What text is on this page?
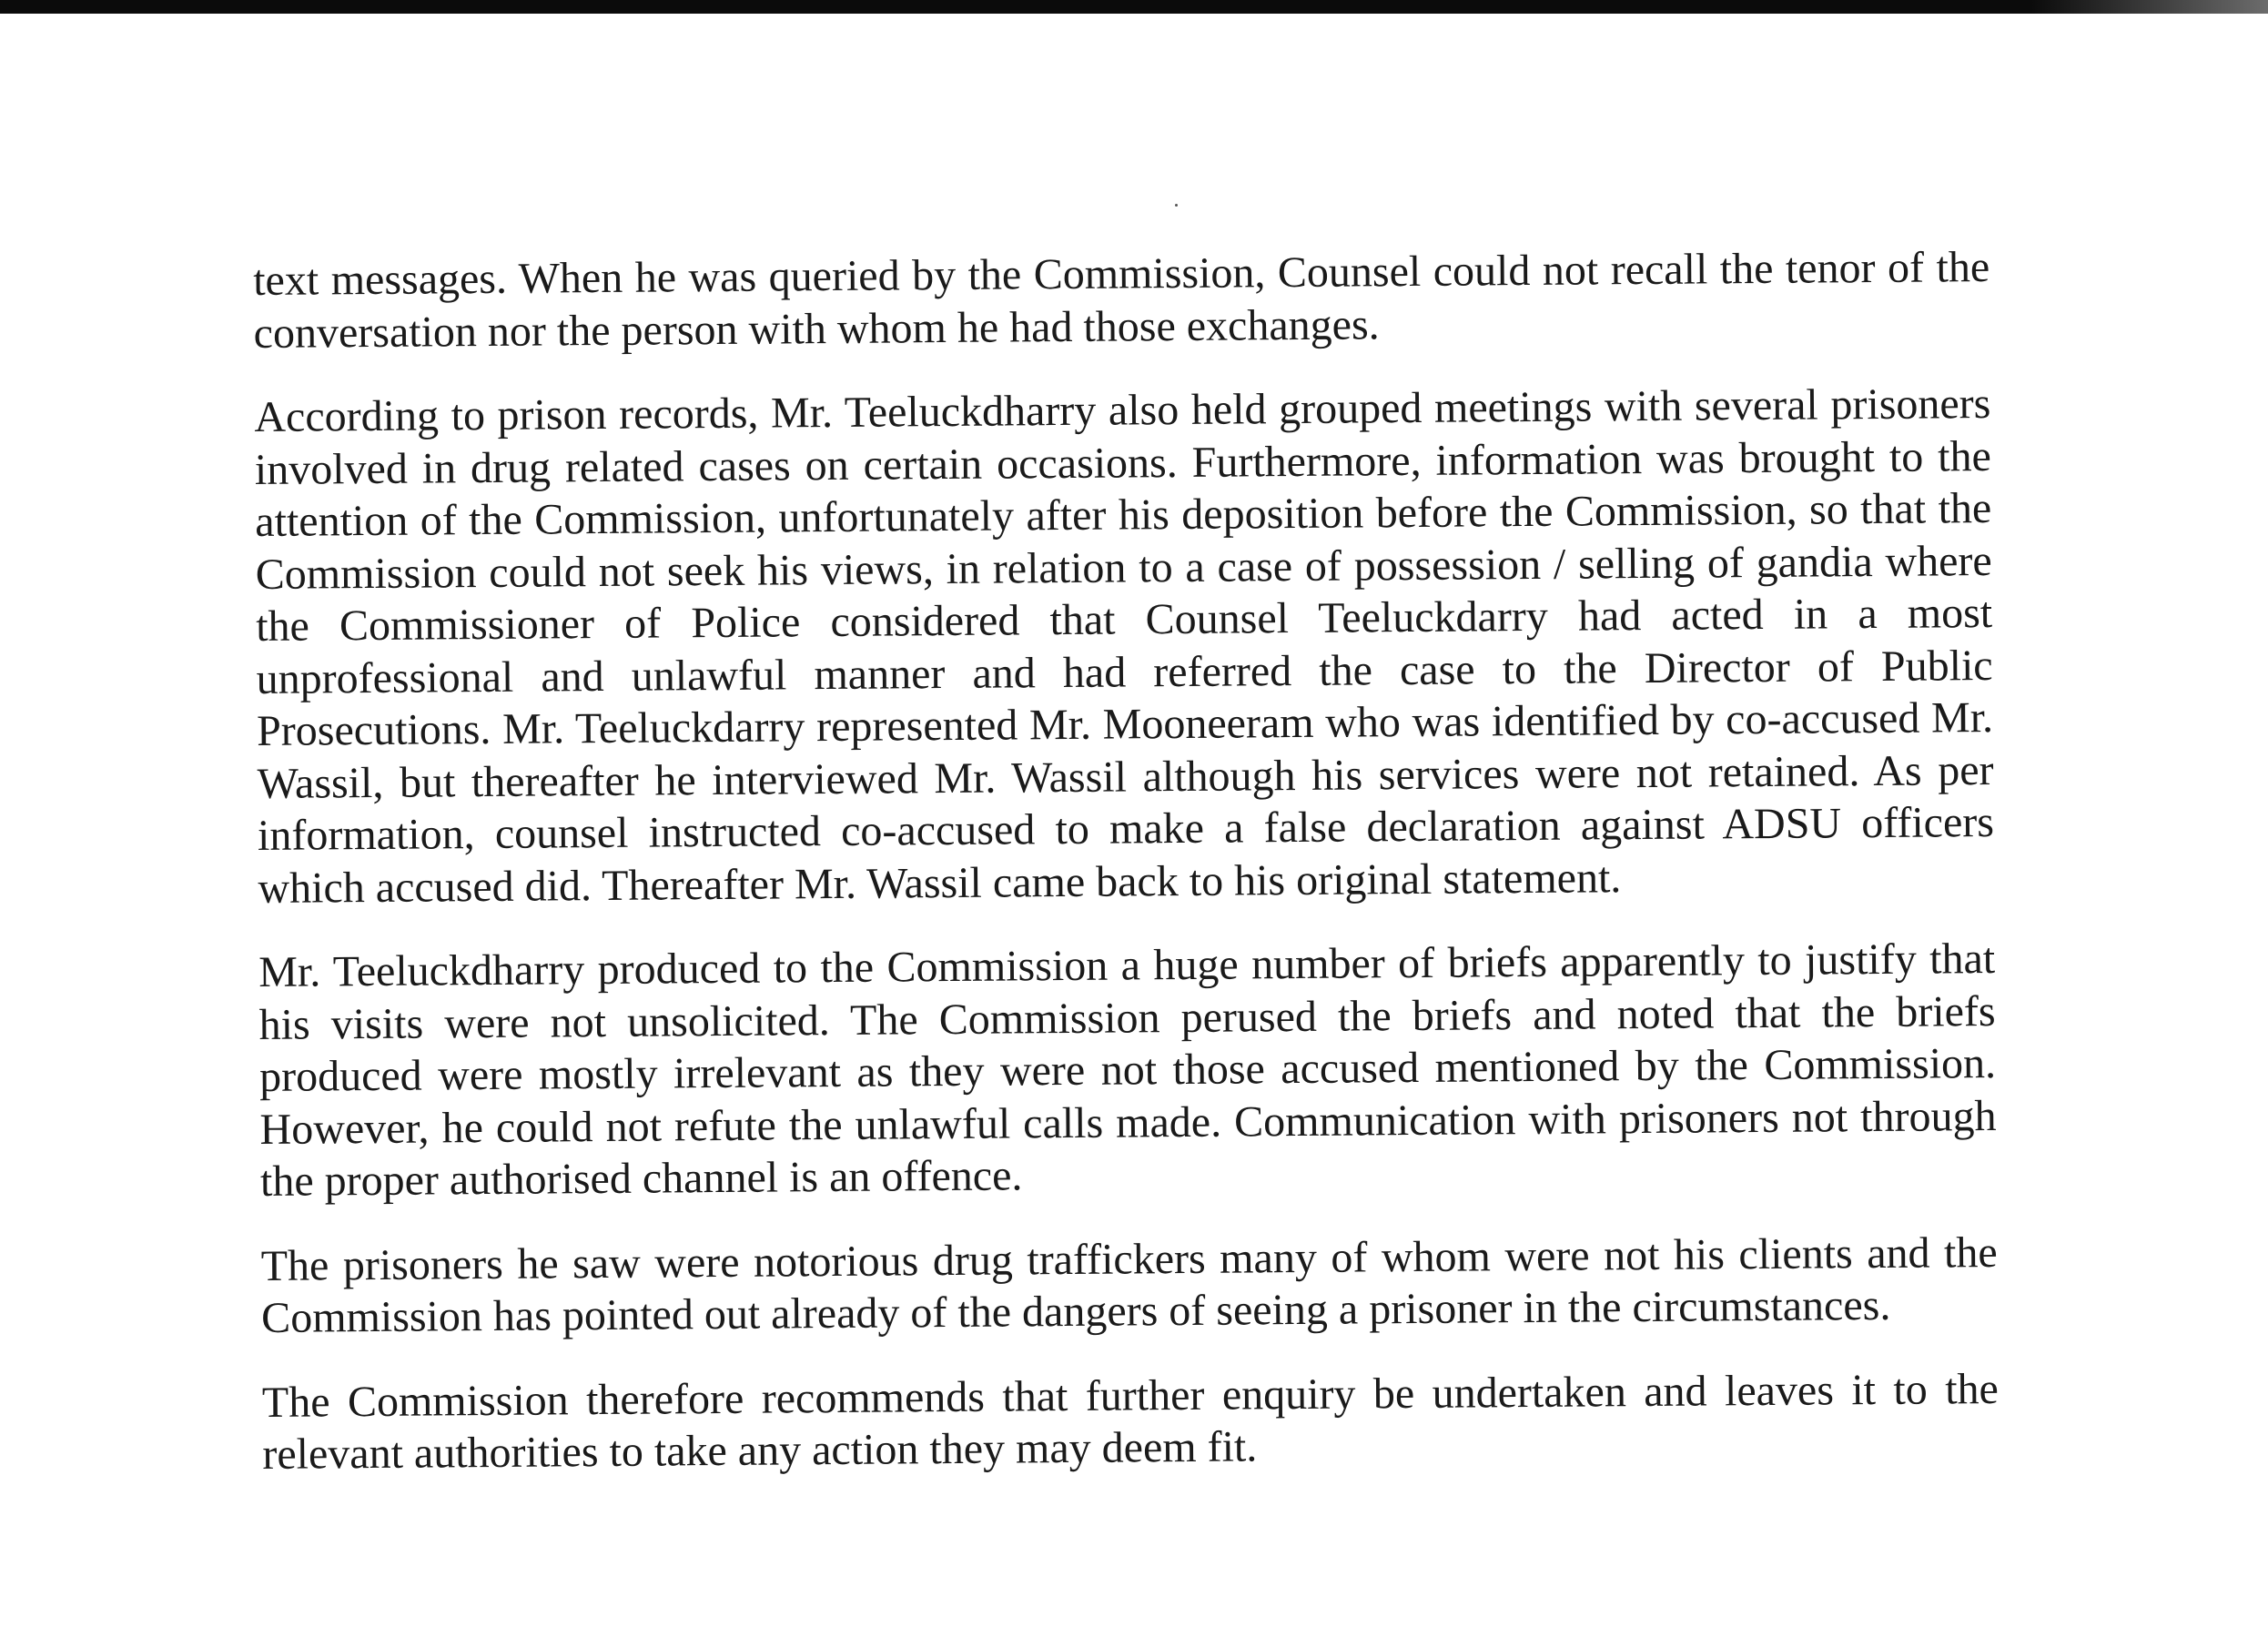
text messages. When he was queried by the Commission, Counsel could not recall the tenor of the conversation nor the person with whom he had those exchanges.

According to prison records, Mr. Teeluckdharry also held grouped meetings with several prisoners involved in drug related cases on certain occasions. Furthermore, information was brought to the attention of the Commission, unfortunately after his deposition before the Commission, so that the Commission could not seek his views, in relation to a case of possession / selling of gandia where the Commissioner of Police considered that Counsel Teeluckdarry had acted in a most unprofessional and unlawful manner and had referred the case to the Director of Public Prosecutions. Mr. Teeluckdarry represented Mr. Mooneeram who was identified by co-accused Mr. Wassil, but thereafter he interviewed Mr. Wassil although his services were not retained. As per information, counsel instructed co-accused to make a false declaration against ADSU officers which accused did. Thereafter Mr. Wassil came back to his original statement.

Mr. Teeluckdharry produced to the Commission a huge number of briefs apparently to justify that his visits were not unsolicited. The Commission perused the briefs and noted that the briefs produced were mostly irrelevant as they were not those accused mentioned by the Commission. However, he could not refute the unlawful calls made. Communication with prisoners not through the proper authorised channel is an offence.

The prisoners he saw were notorious drug traffickers many of whom were not his clients and the Commission has pointed out already of the dangers of seeing a prisoner in the circumstances.

The Commission therefore recommends that further enquiry be undertaken and leaves it to the relevant authorities to take any action they may deem fit.
